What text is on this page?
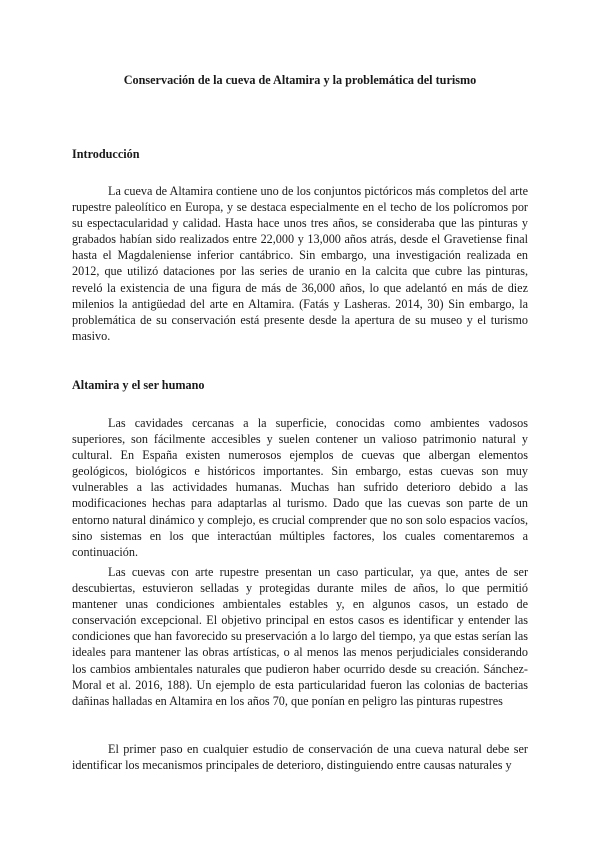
Conservación de la cueva de Altamira y la problemática del turismo
Introducción

La cueva de Altamira contiene uno de los conjuntos pictóricos más completos del arte rupestre paleolítico en Europa, y se destaca especialmente en el techo de los polícromos por su espectacularidad y calidad. Hasta hace unos tres años, se consideraba que las pinturas y grabados habían sido realizados entre 22,000 y 13,000 años atrás, desde el Gravetiense final hasta el Magdaleniense inferior cantábrico. Sin embargo, una investigación realizada en 2012, que utilizó dataciones por las series de uranio en la calcita que cubre las pinturas, reveló la existencia de una figura de más de 36,000 años, lo que adelantó en más de diez milenios la antigüedad del arte en Altamira. (Fatás y Lasheras. 2014, 30) Sin embargo, la problemática de su conservación está presente desde la apertura de su museo y el turismo masivo.

Altamira y el ser humano

Las cavidades cercanas a la superficie, conocidas como ambientes vadosos superiores, son fácilmente accesibles y suelen contener un valioso patrimonio natural y cultural. En España existen numerosos ejemplos de cuevas que albergan elementos geológicos, biológicos e históricos importantes. Sin embargo, estas cuevas son muy vulnerables a las actividades humanas. Muchas han sufrido deterioro debido a las modificaciones hechas para adaptarlas al turismo. Dado que las cuevas son parte de un entorno natural dinámico y complejo, es crucial comprender que no son solo espacios vacíos, sino sistemas en los que interactúan múltiples factores, los cuales comentaremos a continuación.

Las cuevas con arte rupestre presentan un caso particular, ya que, antes de ser descubiertas, estuvieron selladas y protegidas durante miles de años, lo que permitió mantener unas condiciones ambientales estables y, en algunos casos, un estado de conservación excepcional. El objetivo principal en estos casos es identificar y entender las condiciones que han favorecido su preservación a lo largo del tiempo, ya que estas serían las ideales para mantener las obras artísticas, o al menos las menos perjudiciales considerando los cambios ambientales naturales que pudieron haber ocurrido desde su creación. Sánchez-Moral et al. 2016, 188). Un ejemplo de esta particularidad fueron las colonias de bacterias dañinas halladas en Altamira en los años 70, que ponían en peligro las pinturas rupestres

El primer paso en cualquier estudio de conservación de una cueva natural debe ser identificar los mecanismos principales de deterioro, distinguiendo entre causas naturales y
